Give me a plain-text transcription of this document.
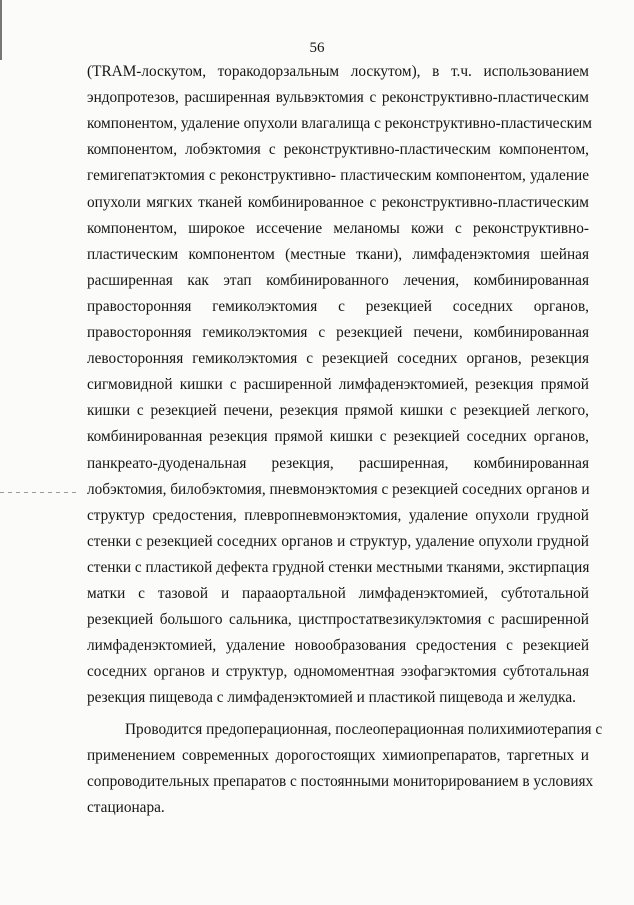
56
(TRAM-лоскутом, торакодорзальным лоскутом), в т.ч. использованием
эндопротезов, расширенная вульвэктомия с реконструктивно-пластическим
компонентом, удаление опухоли влагалища с реконструктивно-пластическим
компонентом, лобэктомия с реконструктивно-пластическим компонентом,
гемигепатэктомия с реконструктивно- пластическим компонентом, удаление
опухоли мягких тканей комбинированное с реконструктивно-пластическим
компонентом, широкое иссечение меланомы кожи с реконструктивно-
пластическим компонентом (местные ткани), лимфаденэктомия шейная
расширенная как этап комбинированного лечения, комбинированная
правосторонняя гемиколэктомия с резекцией соседних органов,
правосторонняя гемиколэктомия с резекцией печени, комбинированная
левосторонняя гемиколэктомия с резекцией соседних органов, резекция
сигмовидной кишки с расширенной лимфаденэктомией, резекция прямой
кишки с резекцией печени, резекция прямой кишки с резекцией легкого,
комбинированная резекция прямой кишки с резекцией соседних органов,
панкреато-дуоденальная резекция, расширенная, комбинированная
лобэктомия, билобэктомия, пневмонэктомия с резекцией соседних органов и
структур средостения, плевропневмонэктомия, удаление опухоли грудной
стенки с резекцией соседних органов и структур, удаление опухоли грудной
стенки с пластикой дефекта грудной стенки местными тканями, экстирпация
матки с тазовой и парааортальной лимфаденэктомией, субтотальной
резекцией большого сальника, цистпростатвезикулэктомия с расширенной
лимфаденэктомией, удаление новообразования средостения с резекцией
соседних органов и структур, одномоментная эзофагэктомия субтотальная
резекция пищевода с лимфаденэктомией и пластикой пищевода и желудка.
Проводится предоперационная, послеоперационная полихимиотерапия с
применением современных дорогостоящих химиопрепаратов, таргетных и
сопроводительных препаратов с постоянными мониторированием в условиях
стационара.
